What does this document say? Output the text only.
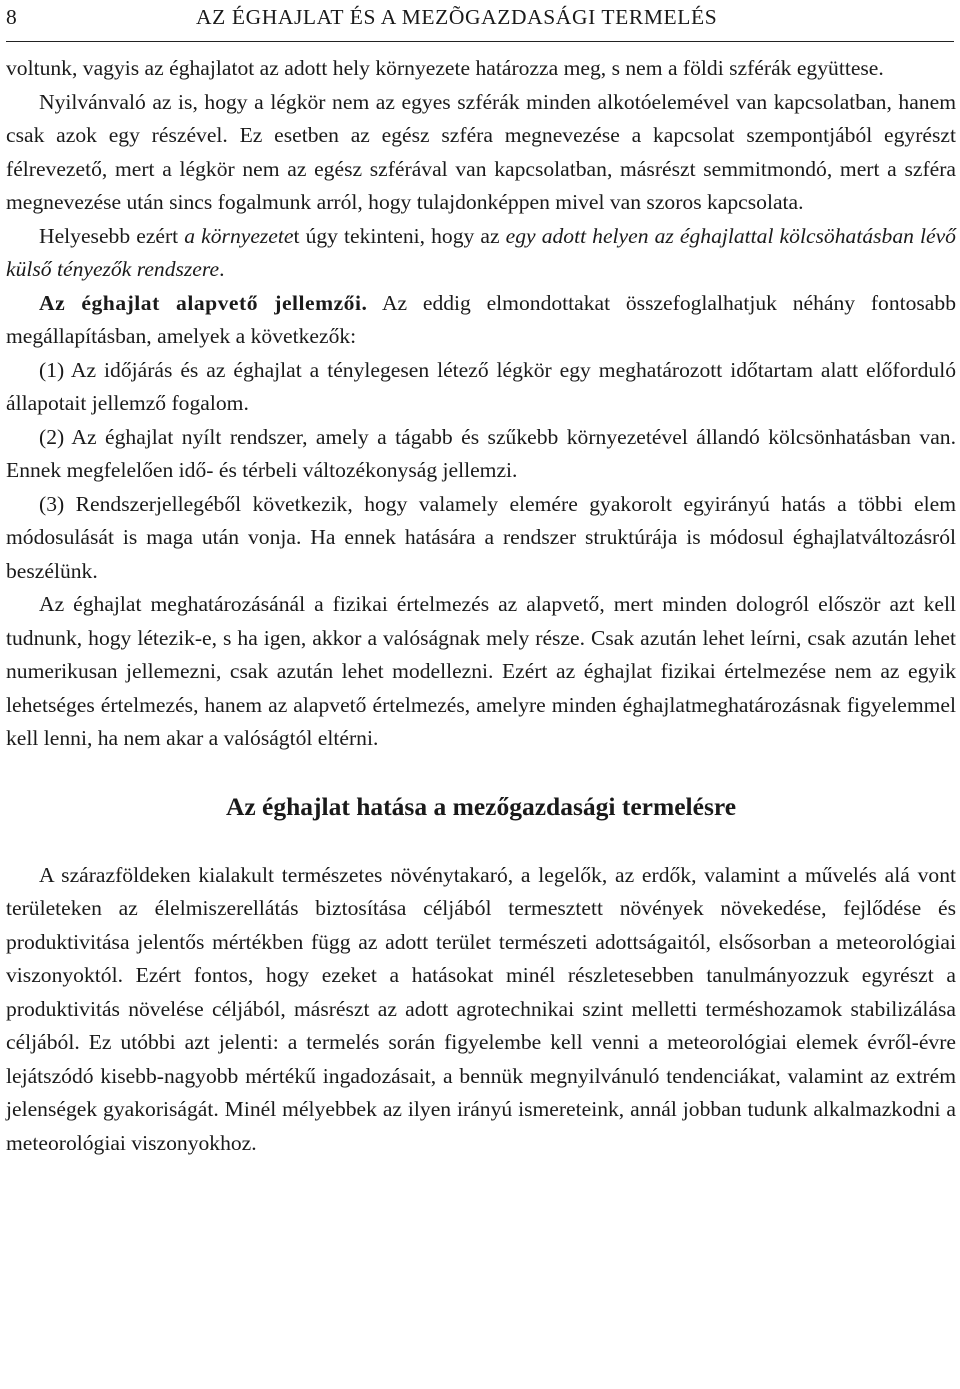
8	AZ ÉGHAJLAT ÉS A MEZÕGAZDASÁGI TERMELÉS

voltunk, vagyis az éghajlatot az adott hely környezete határozza meg, s nem a földi szférák együttese.

Nyilvánvaló az is, hogy a légkör nem az egyes szférák minden alkotóelemével van kapcsolatban, hanem csak azok egy részével. Ez esetben az egész szféra megnevezése a kapcsolat szempontjából egyrészt félrevezető, mert a légkör nem az egész szférával van kapcsolatban, másrészt semmitmondó, mert a szféra megnevezése után sincs fogalmunk arról, hogy tulajdonképpen mivel van szoros kapcsolata.

Helyesebb ezért a környezetet úgy tekinteni, hogy az egy adott helyen az éghajlattal kölcsöhatásban lévő külső tényezők rendszere.

Az éghajlat alapvető jellemzői. Az eddig elmondottakat összefoglalhatjuk néhány fontosabb megállapításban, amelyek a következők:

(1) Az időjárás és az éghajlat a ténylegesen létező légkör egy meghatározott időtartam alatt előforduló állapotait jellemző fogalom.

(2) Az éghajlat nyílt rendszer, amely a tágabb és szűkebb környezetével állandó kölcsönhatásban van. Ennek megfelelően idő- és térbeli változékonyság jellemzi.

(3) Rendszerjellegéből következik, hogy valamely elemére gyakorolt egyirányú hatás a többi elem módosulását is maga után vonja. Ha ennek hatására a rendszer struktúrája is módosul éghajlatváltozásról beszélünk.

Az éghajlat meghatározásánál a fizikai értelmezés az alapvető, mert minden dologról először azt kell tudnunk, hogy létezik-e, s ha igen, akkor a valóságnak mely része. Csak azután lehet leírni, csak azután lehet numerikusan jellemezni, csak azután lehet modellezni. Ezért az éghajlat fizikai értelmezése nem az egyik lehetséges értelmezés, hanem az alapvető értelmezés, amelyre minden éghajlatmeghatározásnak figyelemmel kell lenni, ha nem akar a valóságtól eltérni.

Az éghajlat hatása a mezőgazdasági termelésre

A szárazföldeken kialakult természetes növénytakaró, a legelők, az erdők, valamint a művelés alá vont területeken az élelmiszerellátás biztosítása céljából termesztett növények növekedése, fejlődése és produktivitása jelentős mértékben függ az adott terület természeti adottságaitól, elsősorban a meteorológiai viszonyoktól. Ezért fontos, hogy ezeket a hatásokat minél részletesebben tanulmányozzuk egyrészt a produktivitás növelése céljából, másrészt az adott agrotechnikai szint melletti terméshozamok stabilizálása céljából. Ez utóbbi azt jelenti: a termelés során figyelembe kell venni a meteorológiai elemek évről-évre lejátszódó kisebb-nagyobb mértékű ingadozásait, a bennük megnyilvánuló tendenciákat, valamint az extrém jelenségek gyakoriságát. Minél mélyebbek az ilyen irányú ismereteink, annál jobban tudunk alkalmazkodni a meteorológiai viszonyokhoz.
